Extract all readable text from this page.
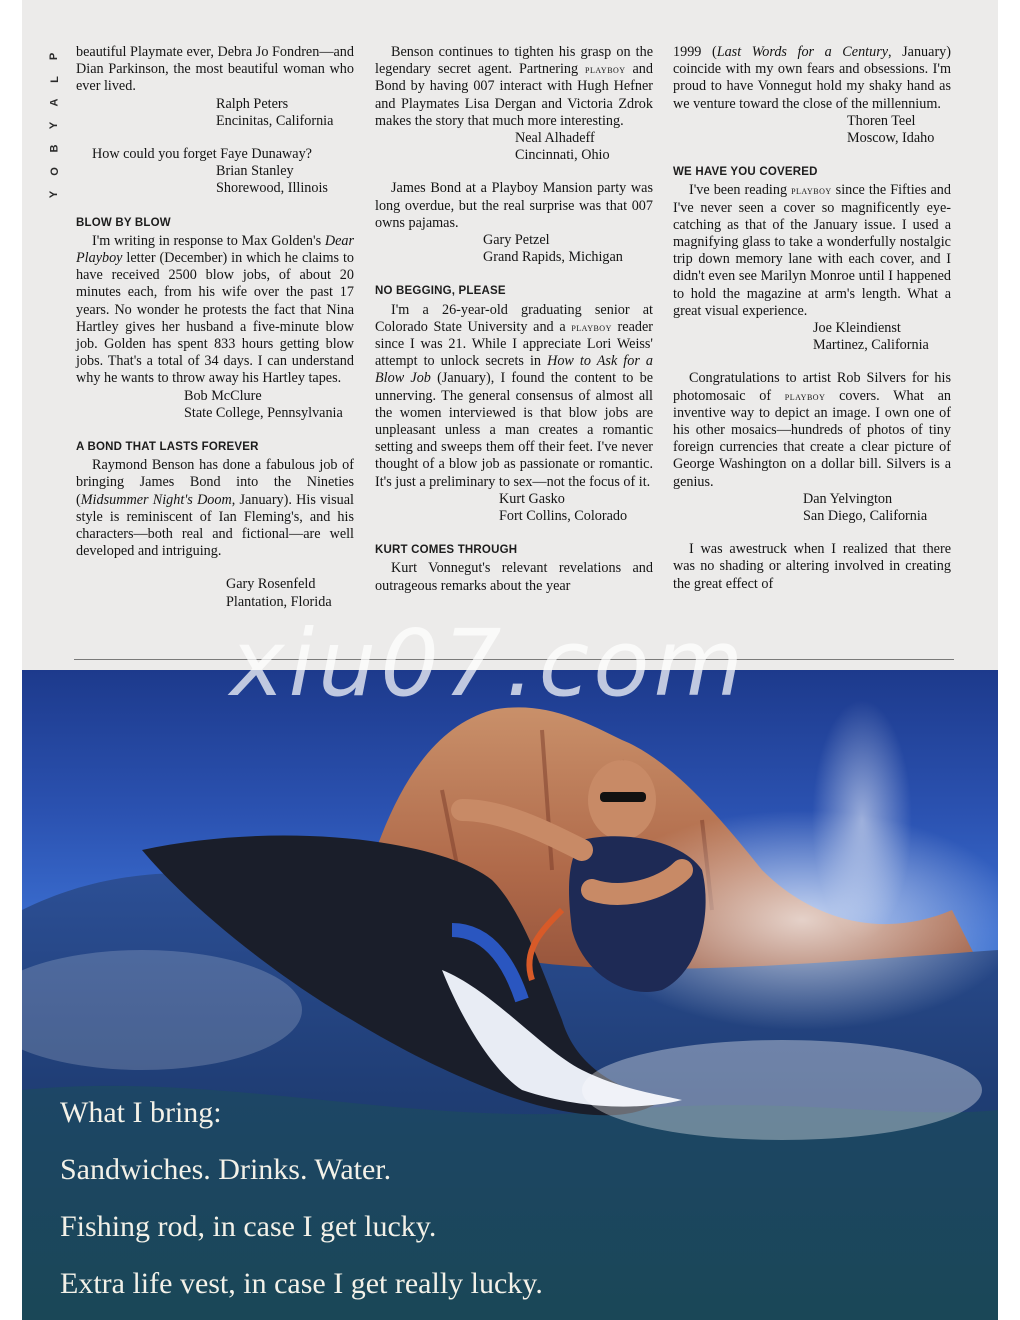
P
L
A
Y
B
O
Y

beautiful Playmate ever, Debra Jo Fondren—and Dian Parkinson, the most beautiful woman who ever lived.

Ralph Peters
Encinitas, California

How could you forget Faye Dunaway?

Brian Stanley
Shorewood, Illinois
BLOW BY BLOW

I'm writing in response to Max Golden's Dear Playboy letter (December) in which he claims to have received 2500 blow jobs, of about 20 minutes each, from his wife over the past 17 years. No wonder he protests the fact that Nina Hartley gives her husband a five-minute blow job. Golden has spent 833 hours getting blow jobs. That's a total of 34 days. I can understand why he wants to throw away his Hartley tapes.

Bob McClure
State College, Pennsylvania
A BOND THAT LASTS FOREVER

Raymond Benson has done a fabulous job of bringing James Bond into the Nineties (Midsummer Night's Doom, January). His visual style is reminiscent of Ian Fleming's, and his characters—both real and fictional—are well developed and intriguing.

Gary Rosenfeld
Plantation, Florida

Benson continues to tighten his grasp on the legendary secret agent. Partnering playboy and Bond by having 007 interact with Hugh Hefner and Playmates Lisa Dergan and Victoria Zdrok makes the story that much more interesting.

Neal Alhadeff
Cincinnati, Ohio

James Bond at a Playboy Mansion party was long overdue, but the real surprise was that 007 owns pajamas.

Gary Petzel
Grand Rapids, Michigan
NO BEGGING, PLEASE

I'm a 26-year-old graduating senior at Colorado State University and a playboy reader since I was 21. While I appreciate Lori Weiss' attempt to unlock secrets in How to Ask for a Blow Job (January), I found the content to be unnerving. The general consensus of almost all the women interviewed is that blow jobs are unpleasant unless a man creates a romantic setting and sweeps them off their feet. I've never thought of a blow job as passionate or romantic. It's just a preliminary to sex—not the focus of it.

Kurt Gasko
Fort Collins, Colorado
KURT COMES THROUGH

Kurt Vonnegut's relevant revelations and outrageous remarks about the year

1999 (Last Words for a Century, January) coincide with my own fears and obsessions. I'm proud to have Vonnegut hold my shaky hand as we venture toward the close of the millennium.

Thoren Teel
Moscow, Idaho
WE HAVE YOU COVERED

I've been reading playboy since the Fifties and I've never seen a cover so magnificently eye-catching as that of the January issue. I used a magnifying glass to take a wonderfully nostalgic trip down memory lane with each cover, and I didn't even see Marilyn Monroe until I happened to hold the magazine at arm's length. What a great visual experience.

Joe Kleindienst
Martinez, California

Congratulations to artist Rob Silvers for his photomosaic of playboy covers. What an inventive way to depict an image. I own one of his other mosaics—hundreds of photos of tiny foreign currencies that create a clear picture of George Washington on a dollar bill. Silvers is a genius.

Dan Yelvington
San Diego, California

I was awestruck when I realized that there was no shading or altering involved in creating the great effect of

What I bring:
Sandwiches. Drinks. Water.
Fishing rod, in case I get lucky.
Extra life vest, in case I get really lucky.
xiu07.com
